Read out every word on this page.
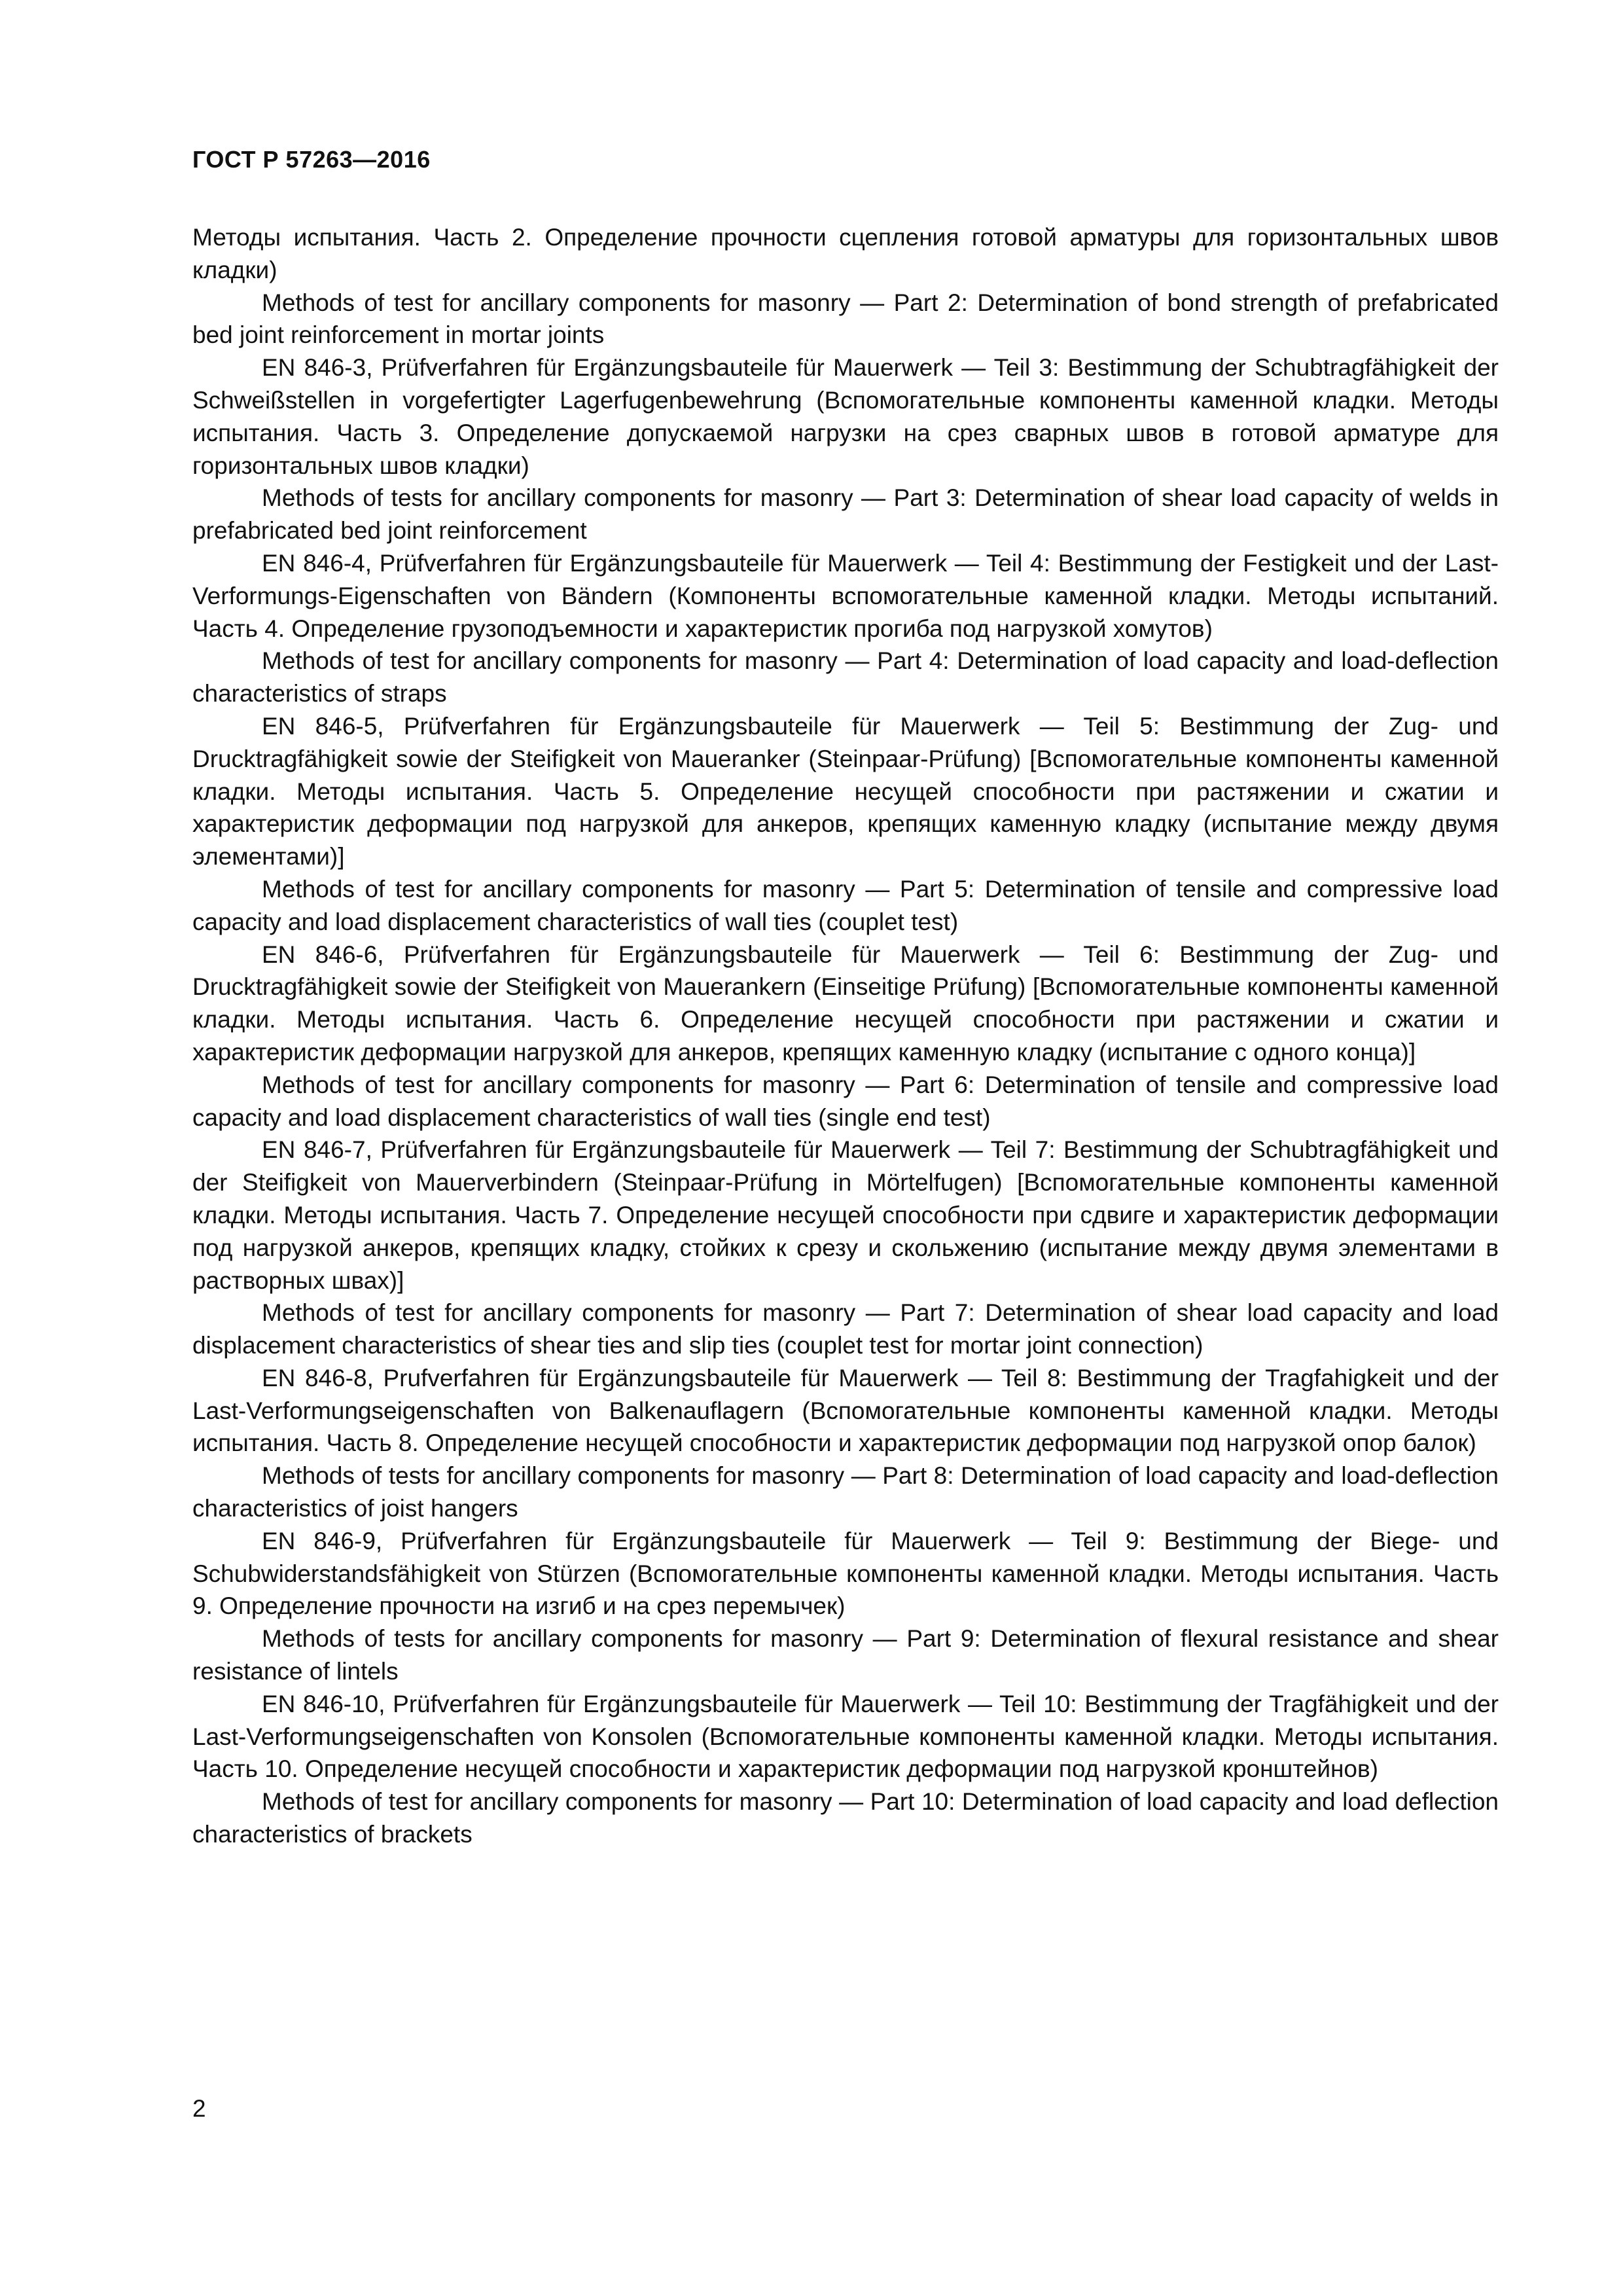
ГОСТ Р 57263—2016

Методы испытания. Часть 2. Определение прочности сцепления готовой арматуры для горизонтальных швов кладки)

Methods of test for ancillary components for masonry — Part 2: Determination of bond strength of prefabricated bed joint reinforcement in mortar joints

EN 846-3, Prüfverfahren für Ergänzungsbauteile für Mauerwerk — Teil 3: Bestimmung der Schubtragfähigkeit der Schweißstellen in vorgefertigter Lagerfugenbewehrung (Вспомогательные компоненты каменной кладки. Методы испытания. Часть 3. Определение допускаемой нагрузки на срез сварных швов в готовой арматуре для горизонтальных швов кладки)

Methods of tests for ancillary components for masonry — Part 3: Determination of shear load capacity of welds in prefabricated bed joint reinforcement

EN 846-4, Prüfverfahren für Ergänzungsbauteile für Mauerwerk — Teil 4: Bestimmung der Festigkeit und der Last-Verformungs-Eigenschaften von Bändern (Компоненты вспомогательные каменной кладки. Методы испытаний. Часть 4. Определение грузоподъемности и характеристик прогиба под нагрузкой хомутов)

Methods of test for ancillary components for masonry — Part 4: Determination of load capacity and load-deflection characteristics of straps

EN 846-5, Prüfverfahren für Ergänzungsbauteile für Mauerwerk — Teil 5: Bestimmung der Zug- und Drucktragfähigkeit sowie der Steifigkeit von Maueranker (Steinpaar-Prüfung) [Вспомогательные компоненты каменной кладки. Методы испытания. Часть 5. Определение несущей способности при растяжении и сжатии и характеристик деформации под нагрузкой для анкеров, крепящих каменную кладку (испытание между двумя элементами)]

Methods of test for ancillary components for masonry — Part 5: Determination of tensile and compressive load capacity and load displacement characteristics of wall ties (couplet test)

EN 846-6, Prüfverfahren für Ergänzungsbauteile für Mauerwerk — Teil 6: Bestimmung der Zug- und Drucktragfähigkeit sowie der Steifigkeit von Mauerankern (Einseitige Prüfung) [Вспомогательные компоненты каменной кладки. Методы испытания. Часть 6. Определение несущей способности при растяжении и сжатии и характеристик деформации нагрузкой для анкеров, крепящих каменную кладку (испытание с одного конца)]

Methods of test for ancillary components for masonry — Part 6: Determination of tensile and compressive load capacity and load displacement characteristics of wall ties (single end test)

EN 846-7, Prüfverfahren für Ergänzungsbauteile für Mauerwerk — Teil 7: Bestimmung der Schubtragfähigkeit und der Steifigkeit von Mauerverbindern (Steinpaar-Prüfung in Mörtelfugen) [Вспомогательные компоненты каменной кладки. Методы испытания. Часть 7. Определение несущей способности при сдвиге и характеристик деформации под нагрузкой анкеров, крепящих кладку, стойких к срезу и скольжению (испытание между двумя элементами в растворных швах)]

Methods of test for ancillary components for masonry — Part 7: Determination of shear load capacity and load displacement characteristics of shear ties and slip ties (couplet test for mortar joint connection)

EN 846-8, Prufverfahren für Ergänzungsbauteile für Mauerwerk — Teil 8: Bestimmung der Tragfahigkeit und der Last-Verformungseigenschaften von Balkenauflagern (Вспомогательные компоненты каменной кладки. Методы испытания. Часть 8. Определение несущей способности и характеристик деформации под нагрузкой опор балок)

Methods of tests for ancillary components for masonry — Part 8: Determination of load capacity and load-deflection characteristics of joist hangers

EN 846-9, Prüfverfahren für Ergänzungsbauteile für Mauerwerk — Teil 9: Bestimmung der Biege- und Schubwiderstandsfähigkeit von Stürzen (Вспомогательные компоненты каменной кладки. Методы испытания. Часть 9. Определение прочности на изгиб и на срез перемычек)

Methods of tests for ancillary components for masonry — Part 9: Determination of flexural resistance and shear resistance of lintels

EN 846-10, Prüfverfahren für Ergänzungsbauteile für Mauerwerk — Teil 10: Bestimmung der Tragfähigkeit und der Last-Verformungseigenschaften von Konsolen (Вспомогательные компоненты каменной кладки. Методы испытания. Часть 10. Определение несущей способности и характеристик деформации под нагрузкой кронштейнов)

Methods of test for ancillary components for masonry — Part 10: Determination of load capacity and load deflection characteristics of brackets

2
